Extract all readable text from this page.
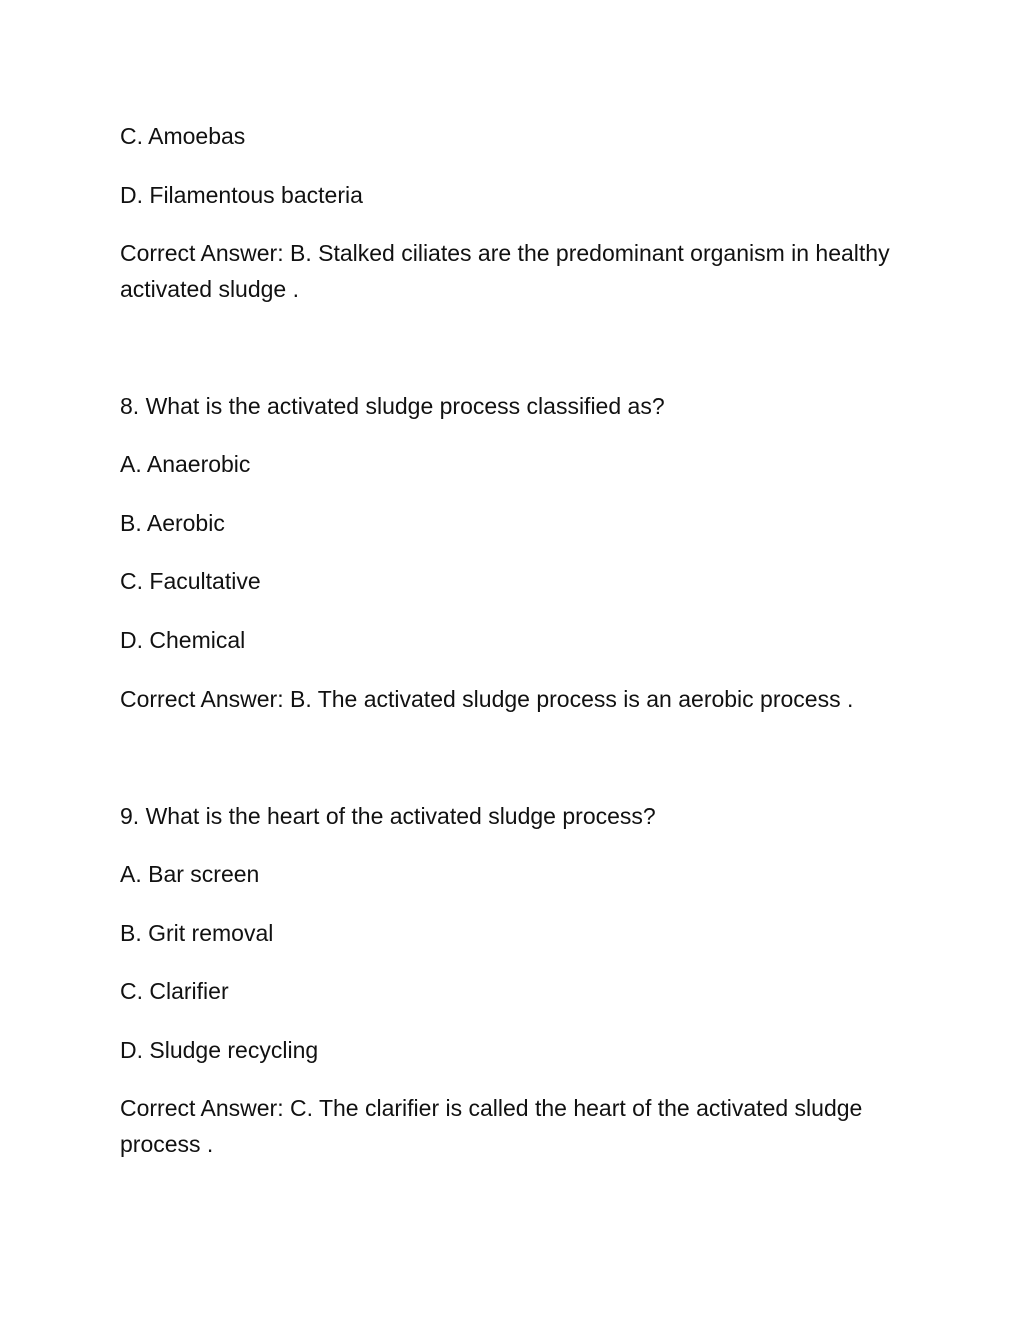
C. Amoebas

D. Filamentous bacteria

Correct Answer: B. Stalked ciliates are the predominant organism in healthy activated sludge .

8. What is the activated sludge process classified as?

A. Anaerobic

B. Aerobic

C. Facultative

D. Chemical

Correct Answer: B. The activated sludge process is an aerobic process .

9. What is the heart of the activated sludge process?

A. Bar screen

B. Grit removal

C. Clarifier

D. Sludge recycling

Correct Answer: C. The clarifier is called the heart of the activated sludge process .
